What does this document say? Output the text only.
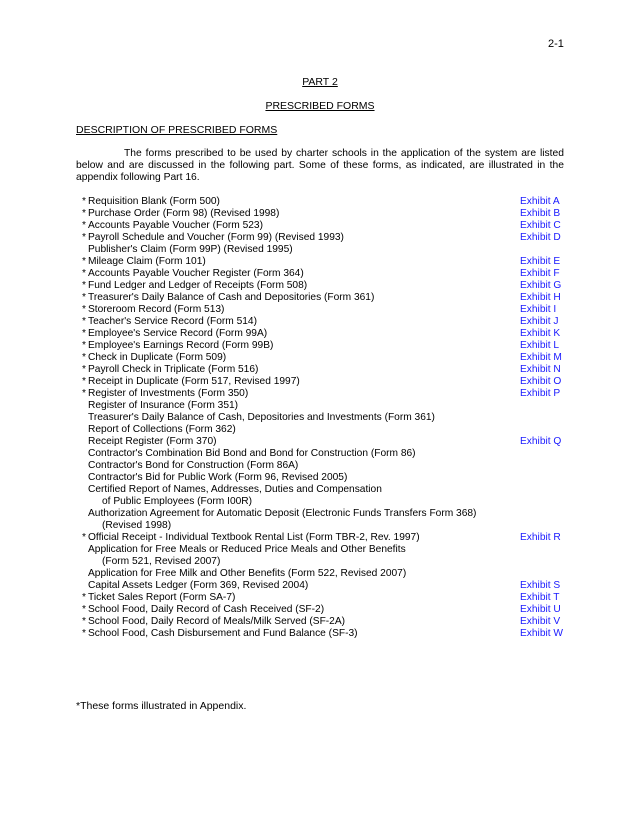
2-1
PART 2
PRESCRIBED FORMS
DESCRIPTION OF PRESCRIBED FORMS

The forms prescribed to be used by charter schools in the application of the system are listed below and are discussed in the following part. Some of these forms, as indicated, are illustrated in the appendix following Part 16.

* Requisition Blank (Form 500)	Exhibit A
* Purchase Order (Form 98) (Revised 1998)	Exhibit B
* Accounts Payable Voucher (Form 523)	Exhibit C
* Payroll Schedule and Voucher (Form 99) (Revised 1993)	Exhibit D
Publisher's Claim (Form 99P) (Revised 1995)
* Mileage Claim (Form 101)	Exhibit E
* Accounts Payable Voucher Register (Form 364)	Exhibit F
* Fund Ledger and Ledger of Receipts (Form 508)	Exhibit G
* Treasurer's Daily Balance of Cash and Depositories (Form 361)	Exhibit H
* Storeroom Record (Form 513)	Exhibit I
* Teacher's Service Record (Form 514)	Exhibit J
* Employee's Service Record (Form 99A)	Exhibit K
* Employee's Earnings Record (Form 99B)	Exhibit L
* Check in Duplicate (Form 509)	Exhibit M
* Payroll Check in Triplicate (Form 516)	Exhibit N
* Receipt in Duplicate (Form 517, Revised 1997)	Exhibit O
* Register of Investments (Form 350)	Exhibit P
Register of Insurance (Form 351)
Treasurer's Daily Balance of Cash, Depositories and Investments (Form 361)
Report of Collections (Form 362)
Receipt Register (Form 370)	Exhibit Q
Contractor's Combination Bid Bond and Bond for Construction (Form 86)
Contractor's Bond for Construction (Form 86A)
Contractor's Bid for Public Work (Form 96, Revised 2005)
Certified Report of Names, Addresses, Duties and Compensation
of Public Employees (Form I00R)
Authorization Agreement for Automatic Deposit (Electronic Funds Transfers Form 368)
(Revised 1998)
* Official Receipt - Individual Textbook Rental List (Form TBR-2, Rev. 1997)	Exhibit R
Application for Free Meals or Reduced Price Meals and Other Benefits
(Form 521, Revised 2007)
Application for Free Milk and Other Benefits (Form 522, Revised 2007)
Capital Assets Ledger (Form 369, Revised 2004)	Exhibit S
* Ticket Sales Report (Form SA-7)	Exhibit T
* School Food, Daily Record of Cash Received (SF-2)	Exhibit U
* School Food, Daily Record of Meals/Milk Served (SF-2A)	Exhibit V
* School Food, Cash Disbursement and Fund Balance (SF-3)	Exhibit W
*These forms illustrated in Appendix.
